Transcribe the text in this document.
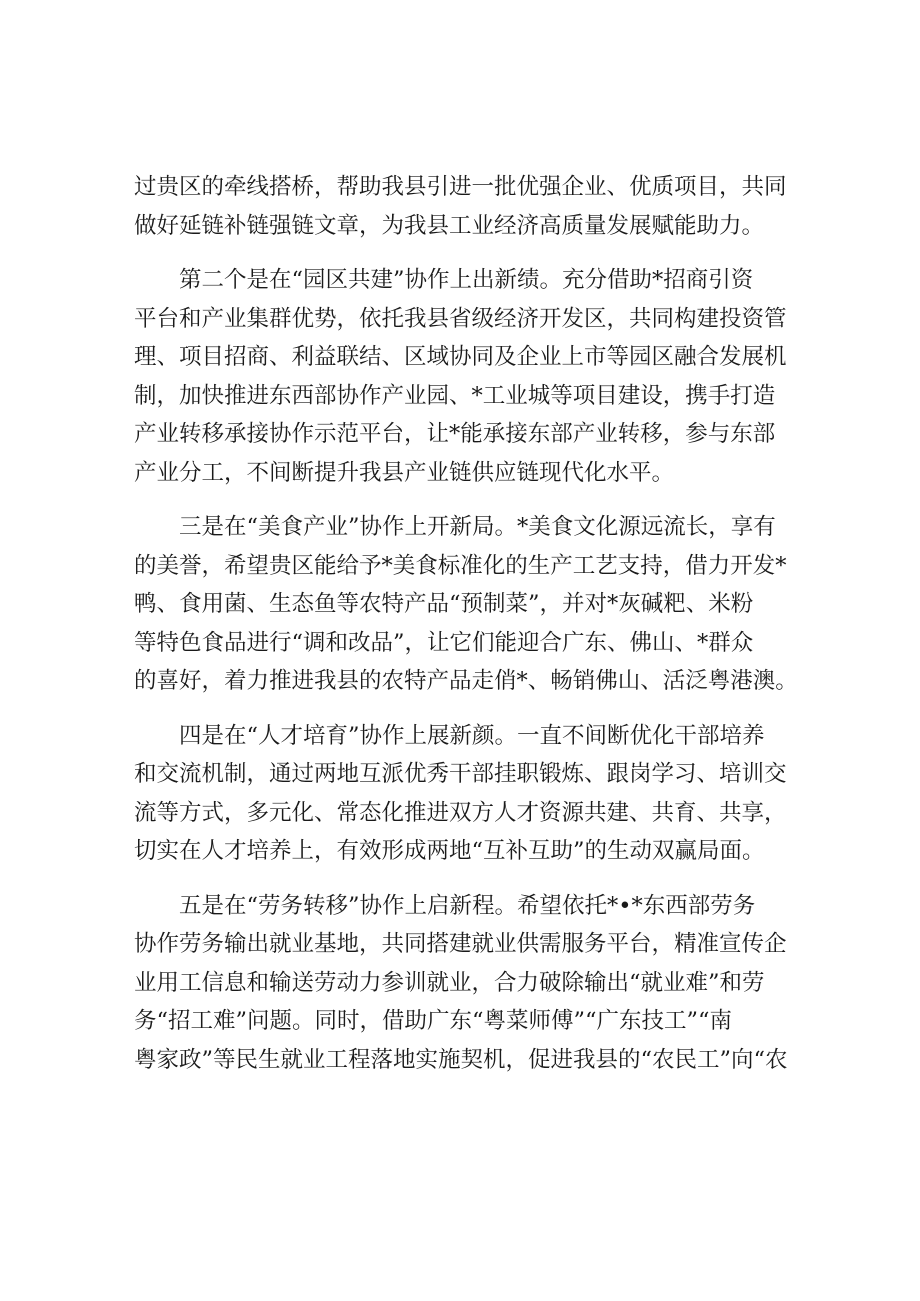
过贵区的牵线搭桥，帮助我县引进一批优强企业、优质项目，共同
做好延链补链强链文章，为我县工业经济高质量发展赋能助力。

第二个是在“园区共建”协作上出新绩。充分借助*招商引资
平台和产业集群优势，依托我县省级经济开发区，共同构建投资管
理、项目招商、利益联结、区域协同及企业上市等园区融合发展机
制，加快推进东西部协作产业园、*工业城等项目建设，携手打造
产业转移承接协作示范平台，让*能承接东部产业转移，参与东部
产业分工，不间断提升我县产业链供应链现代化水平。

三是在“美食产业”协作上开新局。*美食文化源远流长，享有
的美誉，希望贵区能给予*美食标准化的生产工艺支持，借力开发*
鸭、食用菌、生态鱼等农特产品“预制菜”，并对*灰碱粑、米粉
等特色食品进行“调和改品”，让它们能迎合广东、佛山、*群众
的喜好，着力推进我县的农特产品走俏*、畅销佛山、活泛粤港澳。

四是在“人才培育”协作上展新颜。一直不间断优化干部培养
和交流机制，通过两地互派优秀干部挂职锻炼、跟岗学习、培训交
流等方式，多元化、常态化推进双方人才资源共建、共育、共享，
切实在人才培养上，有效形成两地“互补互助”的生动双赢局面。

五是在“劳务转移”协作上启新程。希望依托*•*东西部劳务
协作劳务输出就业基地，共同搭建就业供需服务平台，精准宣传企
业用工信息和输送劳动力参训就业，合力破除输出“就业难”和劳
务“招工难”问题。同时，借助广东“粤菜师傅”“广东技工”“南
粤家政”等民生就业工程落地实施契机，促进我县的“农民工”向“农
